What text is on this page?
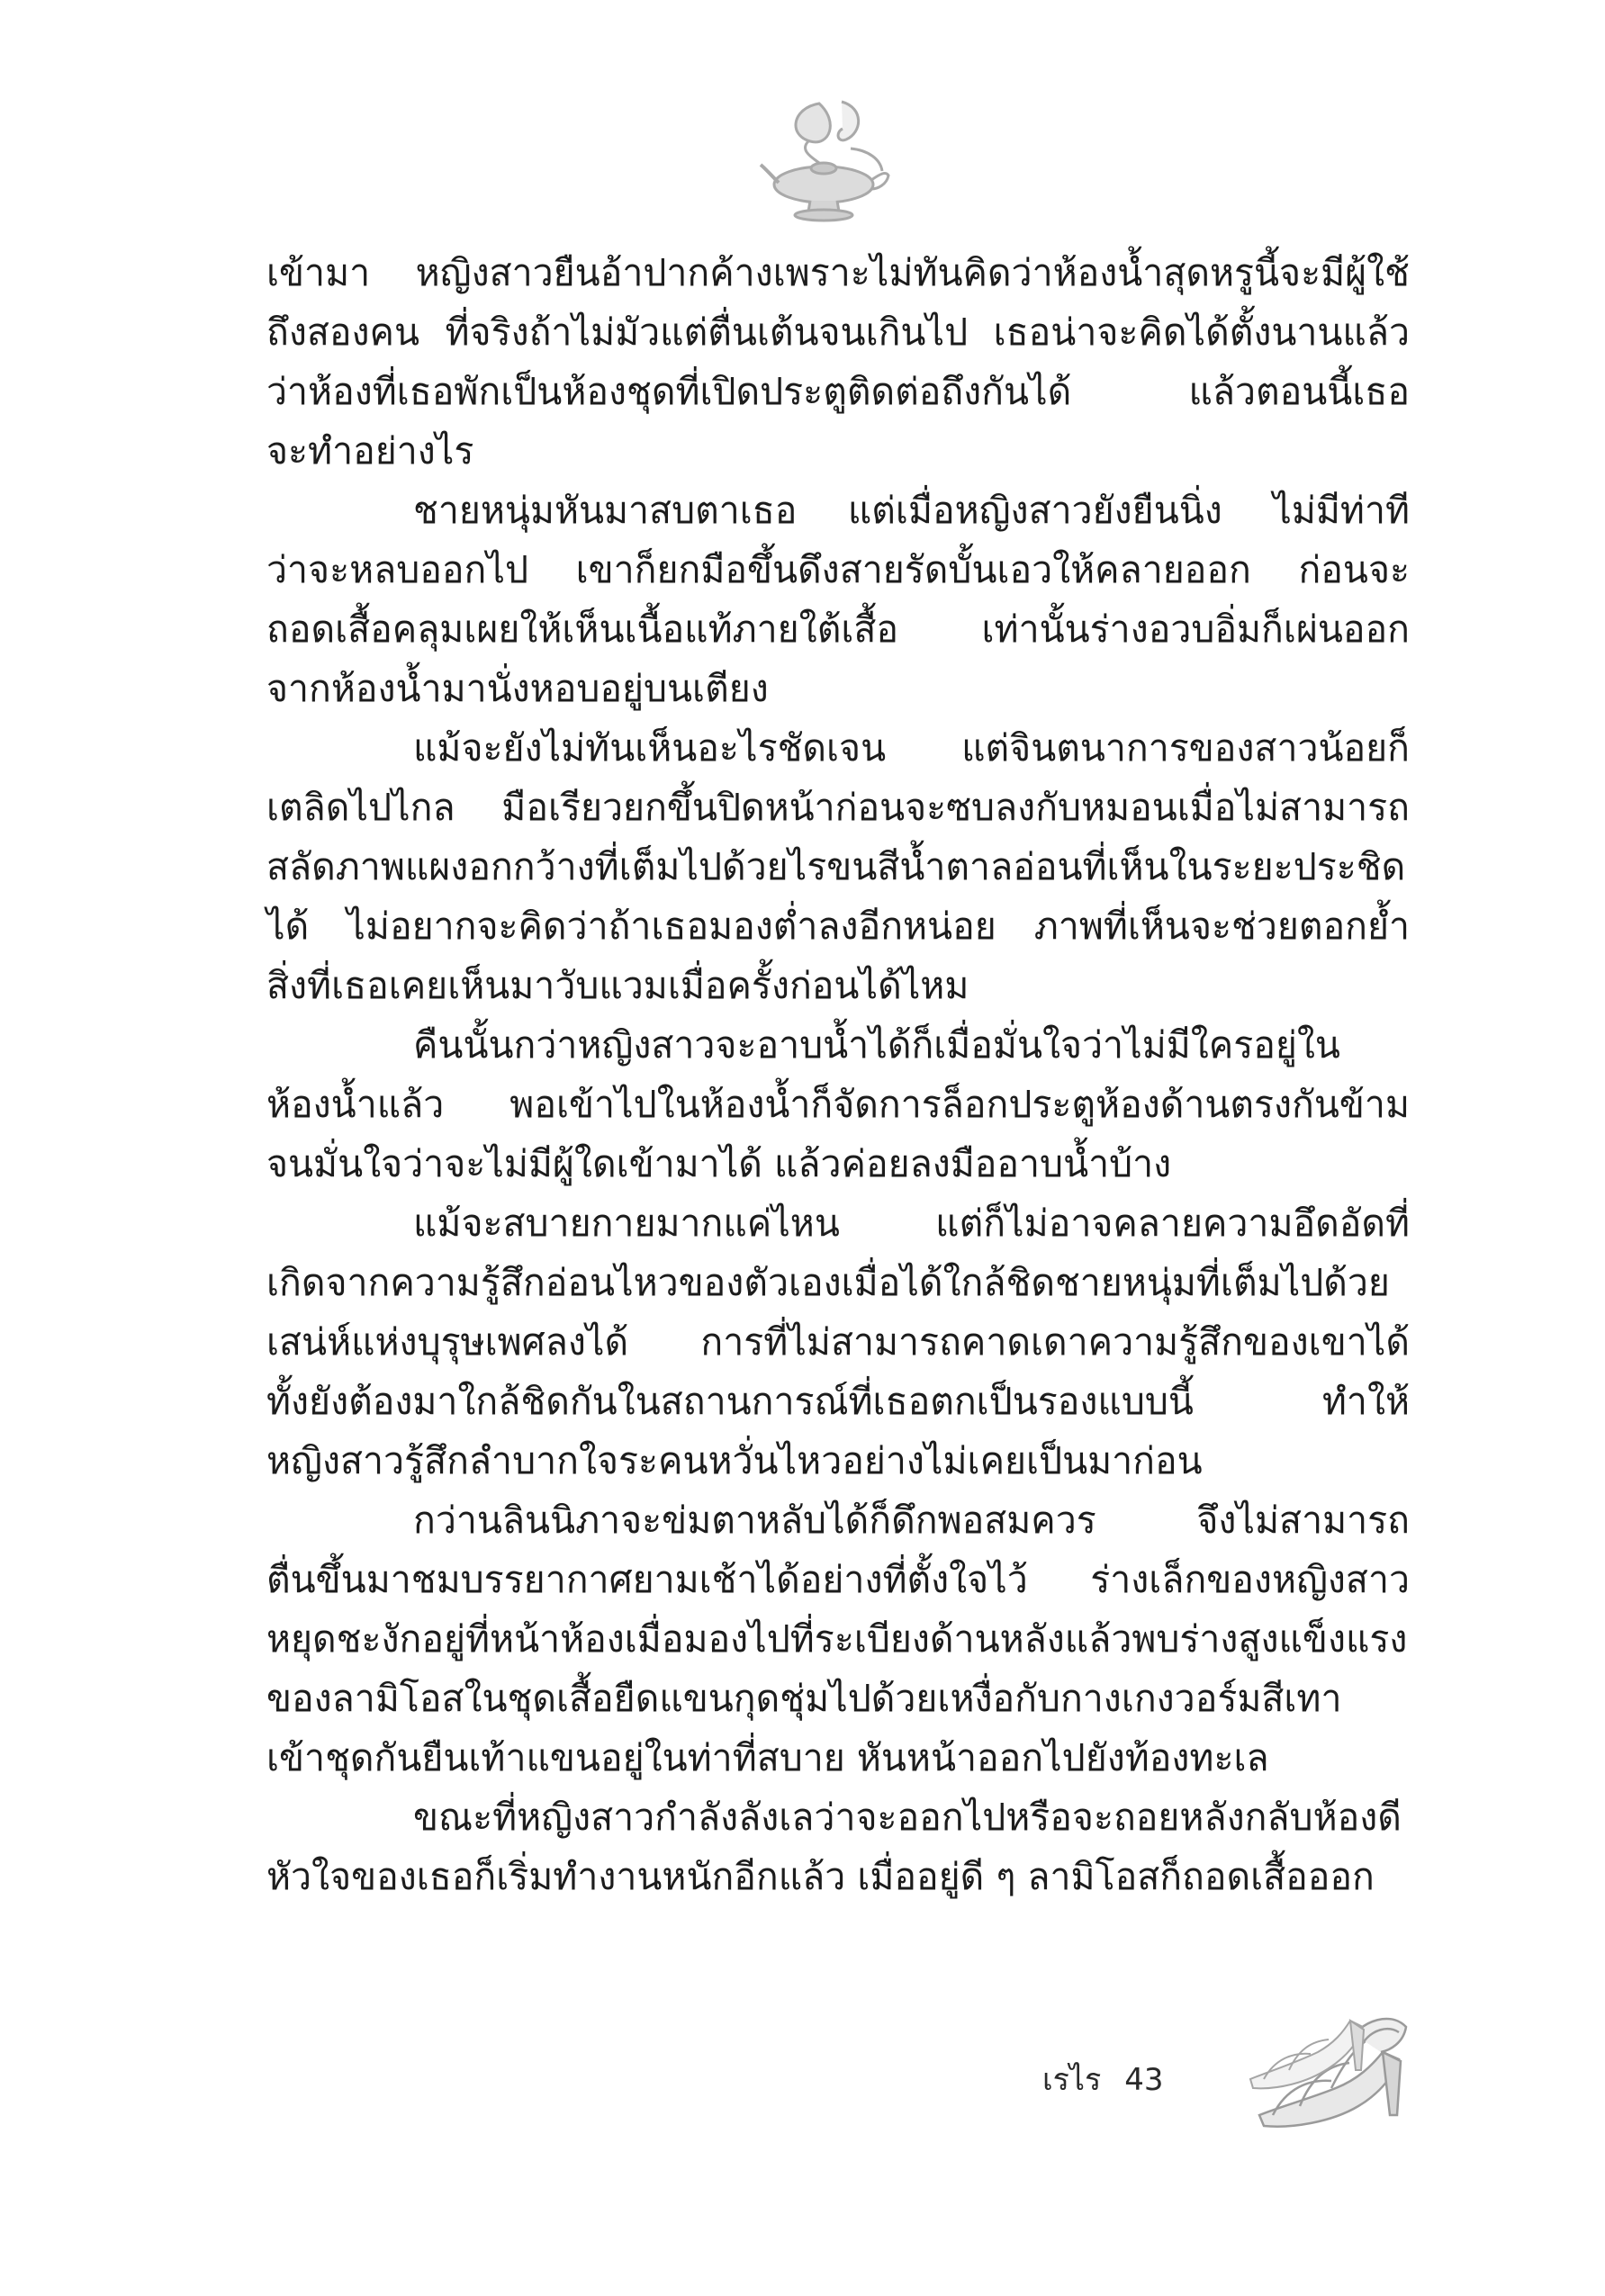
เข้ามา หญิงสาวยืนอ้าปากค้างเพราะไม่ทันคิดว่าห้องน้ำสุดหรูนี้จะมีผู้ใช้
ถึงสองคน ที่จริงถ้าไม่มัวแต่ตื่นเต้นจนเกินไป เธอน่าจะคิดได้ตั้งนานแล้ว
ว่าห้องที่เธอพักเป็นห้องชุดที่เปิดประตูติดต่อถึงกันได้ แล้วตอนนี้เธอ
จะทำอย่างไร
ชายหนุ่มหันมาสบตาเธอ แต่เมื่อหญิงสาวยังยืนนิ่ง ไม่มีท่าที
ว่าจะหลบออกไป เขาก็ยกมือขึ้นดึงสายรัดบั้นเอวให้คลายออก ก่อนจะ
ถอดเสื้อคลุมเผยให้เห็นเนื้อแท้ภายใต้เสื้อ เท่านั้นร่างอวบอิ่มก็เผ่นออก
จากห้องน้ำมานั่งหอบอยู่บนเตียง
แม้จะยังไม่ทันเห็นอะไรชัดเจน แต่จินตนาการของสาวน้อยก็
เตลิดไปไกล มือเรียวยกขึ้นปิดหน้าก่อนจะซบลงกับหมอนเมื่อไม่สามารถ
สลัดภาพแผงอกกว้างที่เต็มไปด้วยไรขนสีน้ำตาลอ่อนที่เห็นในระยะประชิด
ได้ ไม่อยากจะคิดว่าถ้าเธอมองต่ำลงอีกหน่อย ภาพที่เห็นจะช่วยตอกย้ำ
สิ่งที่เธอเคยเห็นมาวับแวมเมื่อครั้งก่อนได้ไหม
คืนนั้นกว่าหญิงสาวจะอาบน้ำได้ก็เมื่อมั่นใจว่าไม่มีใครอยู่ใน
ห้องน้ำแล้ว พอเข้าไปในห้องน้ำก็จัดการล็อกประตูห้องด้านตรงกันข้าม
จนมั่นใจว่าจะไม่มีผู้ใดเข้ามาได้ แล้วค่อยลงมืออาบน้ำบ้าง
แม้จะสบายกายมากแค่ไหน แต่ก็ไม่อาจคลายความอึดอัดที่
เกิดจากความรู้สึกอ่อนไหวของตัวเองเมื่อได้ใกล้ชิดชายหนุ่มที่เต็มไปด้วย
เสน่ห์แห่งบุรุษเพศลงได้ การที่ไม่สามารถคาดเดาความรู้สึกของเขาได้
ทั้งยังต้องมาใกล้ชิดกันในสถานการณ์ที่เธอตกเป็นรองแบบนี้ ทำให้
หญิงสาวรู้สึกลำบากใจระคนหวั่นไหวอย่างไม่เคยเป็นมาก่อน
กว่านลินนิภาจะข่มตาหลับได้ก็ดึกพอสมควร จึงไม่สามารถ
ตื่นขึ้นมาชมบรรยากาศยามเช้าได้อย่างที่ตั้งใจไว้ ร่างเล็กของหญิงสาว
หยุดชะงักอยู่ที่หน้าห้องเมื่อมองไปที่ระเบียงด้านหลังแล้วพบร่างสูงแข็งแรง
ของลามิโอสในชุดเสื้อยืดแขนกุดชุ่มไปด้วยเหงื่อกับกางเกงวอร์มสีเทา
เข้าชุดกันยืนเท้าแขนอยู่ในท่าที่สบาย หันหน้าออกไปยังท้องทะเล
ขณะที่หญิงสาวกำลังลังเลว่าจะออกไปหรือจะถอยหลังกลับห้องดี
หัวใจของเธอก็เริ่มทำงานหนักอีกแล้ว เมื่ออยู่ดี ๆ ลามิโอสก็ถอดเสื้อออก
เรไร 43
